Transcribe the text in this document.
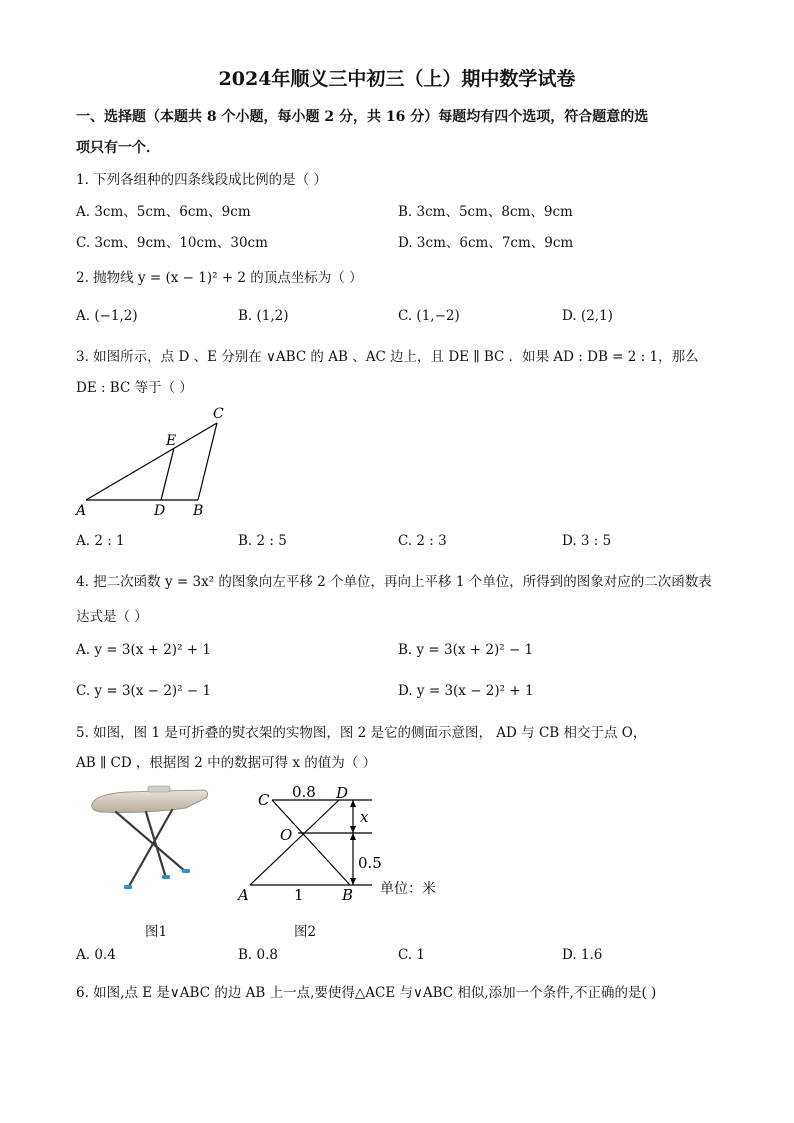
2024年顺义三中初三（上）期中数学试卷
一、选择题（本题共 8 个小题，每小题 2 分，共 16 分）每题均有四个选项，符合题意的选
项只有一个．
1. 下列各组种的四条线段成比例的是（ ）
A. 3cm、5cm、6cm、9cm	B. 3cm、5cm、8cm、9cm
C. 3cm、9cm、10cm、30cm	D. 3cm、6cm、7cm、9cm
2. 抛物线 y = (x − 1)² + 2 的顶点坐标为（ ）
A. (−1,2)	B. (1,2)	C. (1,−2)	D. (2,1)
3. 如图所示，点 D 、E 分别在 ∨ABC 的 AB 、AC 边上，且 DE ∥ BC ．如果 AD : DB = 2 : 1，那么
DE : BC 等于（ ）
A	D B
E
C
A. 2 : 1	B. 2 : 5	C. 2 : 3	D. 3 : 5
4. 把二次函数 y = 3x² 的图象向左平移 2 个单位，再向上平移 1 个单位，所得到的图象对应的二次函数表
达式是（ ）
A. y = 3(x + 2)² + 1	B. y = 3(x + 2)² − 1
C. y = 3(x − 2)² − 1	D. y = 3(x − 2)² + 1
5. 如图，图 1 是可折叠的熨衣架的实物图，图 2 是它的侧面示意图， AD 与 CB 相交于点 O，
AB ∥ CD ，根据图 2 中的数据可得 x 的值为（ ）
图1
C	D
O
A	B
0.8
x
0.5
1	单位：米
图2
A. 0.4	B. 0.8	C. 1	D. 1.6
6. 如图,点 E 是∨ABC 的边 AB 上一点,要使得△ACE 与∨ABC 相似,添加一个条件,不正确的是( )
